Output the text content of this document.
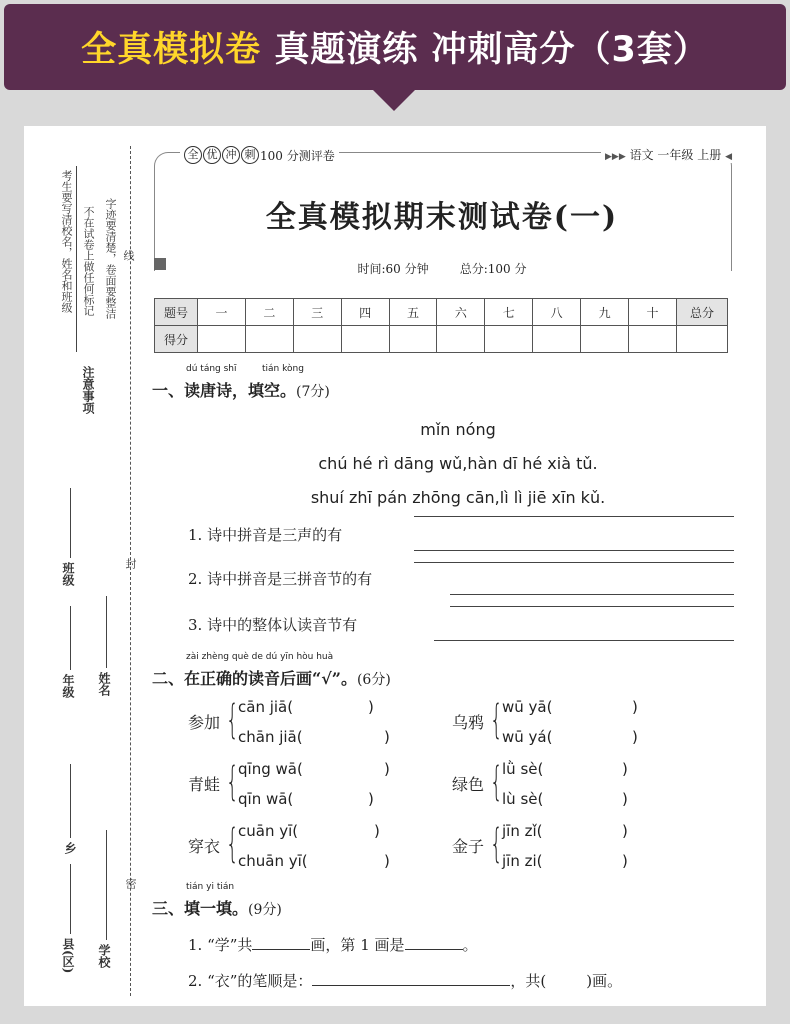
全真模拟卷 真题演练 冲刺高分（3套）
考生要写清校名，姓名和班级 不在试卷上做任何标记 字迹要清楚，卷面要整洁 线
注意事项
班级	封
年级 姓名
乡
密
县(区) 学校
全 优 冲 刺 100 分测评卷	▶▶▶ 语文 一年级 上册 ◀
全真模拟期末测试卷(一)
时间:60 分钟	总分:100 分
题号	一	二	三	四	五	六	七	八	九	十	总分
得分											
一、
dú táng shī	tián kòng
读唐诗，填空。(7分)
mǐn nóng
chú hé rì dāng wǔ,hàn dī hé xià tǔ.
shuí zhī pán zhōng cān,lì lì jiē xīn kǔ.
1. 诗中拼音是三声的有
2. 诗中拼音是三拼音节的有
3. 诗中的整体认读音节有
二、
zài zhèng què de dú yīn hòu huà
在正确的读音后画“√”。(6分)
参加 { cān jiā(	)
chān jiā(	)
乌鸦 { wū yā(	)
wū yá(	)
青蛙 { qīng wā(	)
qīn wā(	)
绿色 { lǜ sè(	)
lù sè(	)
穿衣 { cuān yī(	)
chuān yī(	)
金子 { jīn zǐ(	)
jīn zi(	)
三、
tián yi tián
填一填。(9分)
1. “学”共	画，第 1 画是	。
2. “衣”的笔顺是：	，共(	)画。
